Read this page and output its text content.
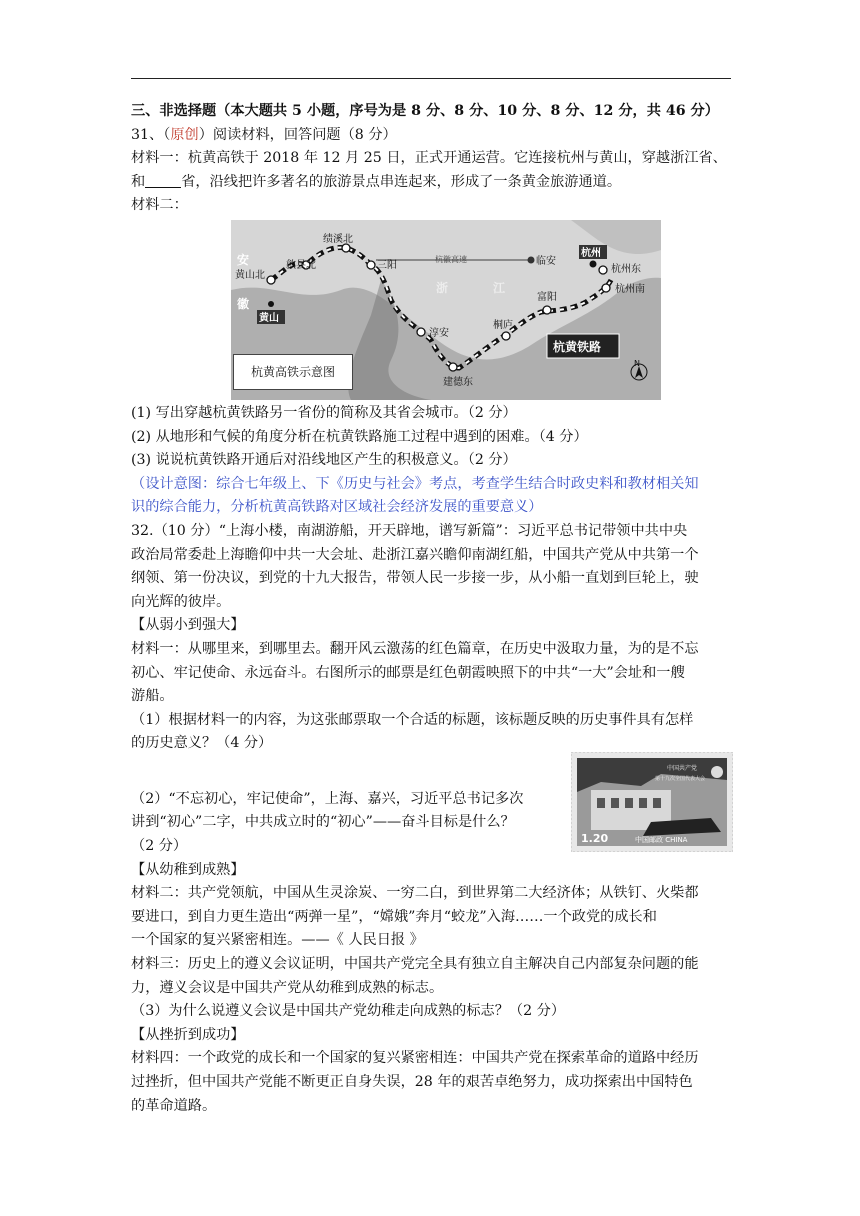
三、非选择题（本大题共 5 小题，序号为是 8 分、8 分、10 分、8 分、12 分，共 46 分）
31、（原创）阅读材料，回答问题（8 分）
材料一：杭黄高铁于 2018 年 12 月 25 日，正式开通运营。它连接杭州与黄山，穿越浙江省、
和	省，沿线把许多著名的旅游景点串连起来，形成了一条黄金旅游通道。
材料二：
黄山北
歙县北
绩溪北
三阳
淳安
建德东
桐庐
富阳
杭州南
杭州东
临安
杭徽高速
杭州
黄山
安
徽
浙	江
杭黄铁路
N
杭黄高铁示意图
(1) 写出穿越杭黄铁路另一省份的简称及其省会城市。（2 分）
(2) 从地形和气候的角度分析在杭黄铁路施工过程中遇到的困难。（4 分）
(3) 说说杭黄铁路开通后对沿线地区产生的积极意义。（2 分）
（设计意图：综合七年级上、下《历史与社会》考点，考查学生结合时政史料和教材相关知
识的综合能力，分析杭黄高铁路对区域社会经济发展的重要意义）
32.（10 分）“上海小楼，南湖游船，开天辟地，谱写新篇”：习近平总书记带领中共中央
政治局常委赴上海瞻仰中共一大会址、赴浙江嘉兴瞻仰南湖红船，中国共产党从中共第一个
纲领、第一份决议，到党的十九大报告，带领人民一步接一步，从小船一直划到巨轮上，驶
向光辉的彼岸。
【从弱小到强大】
材料一：从哪里来，到哪里去。翻开风云激荡的红色篇章，在历史中汲取力量，为的是不忘
初心、牢记使命、永远奋斗。右图所示的邮票是红色朝霞映照下的中共“一大”会址和一艘
游船。
（1）根据材料一的内容，为这张邮票取一个合适的标题，该标题反映的历史事件具有怎样
的历史意义？（4 分）
（2）“不忘初心，牢记使命”，上海、嘉兴，习近平总书记多次
讲到“初心”二字，中共成立时的“初心”——奋斗目标是什么？
（2 分）
中国共产党
第十九次全国代表大会
1.20	中国邮政 CHINA
【从幼稚到成熟】
材料二：共产党领航，中国从生灵涂炭、一穷二白，到世界第二大经济体；从铁钉、火柴都
要进口，到自力更生造出“两弹一星”，“嫦娥”奔月“蛟龙”入海……一个政党的成长和
一个国家的复兴紧密相连。——《 人民日报 》
材料三：历史上的遵义会议证明，中国共产党完全具有独立自主解决自己内部复杂问题的能
力，遵义会议是中国共产党从幼稚到成熟的标志。
（3）为什么说遵义会议是中国共产党幼稚走向成熟的标志？（2 分）
【从挫折到成功】
材料四：一个政党的成长和一个国家的复兴紧密相连：中国共产党在探索革命的道路中经历
过挫折，但中国共产党能不断更正自身失误，28 年的艰苦卓绝努力，成功探索出中国特色
的革命道路。
